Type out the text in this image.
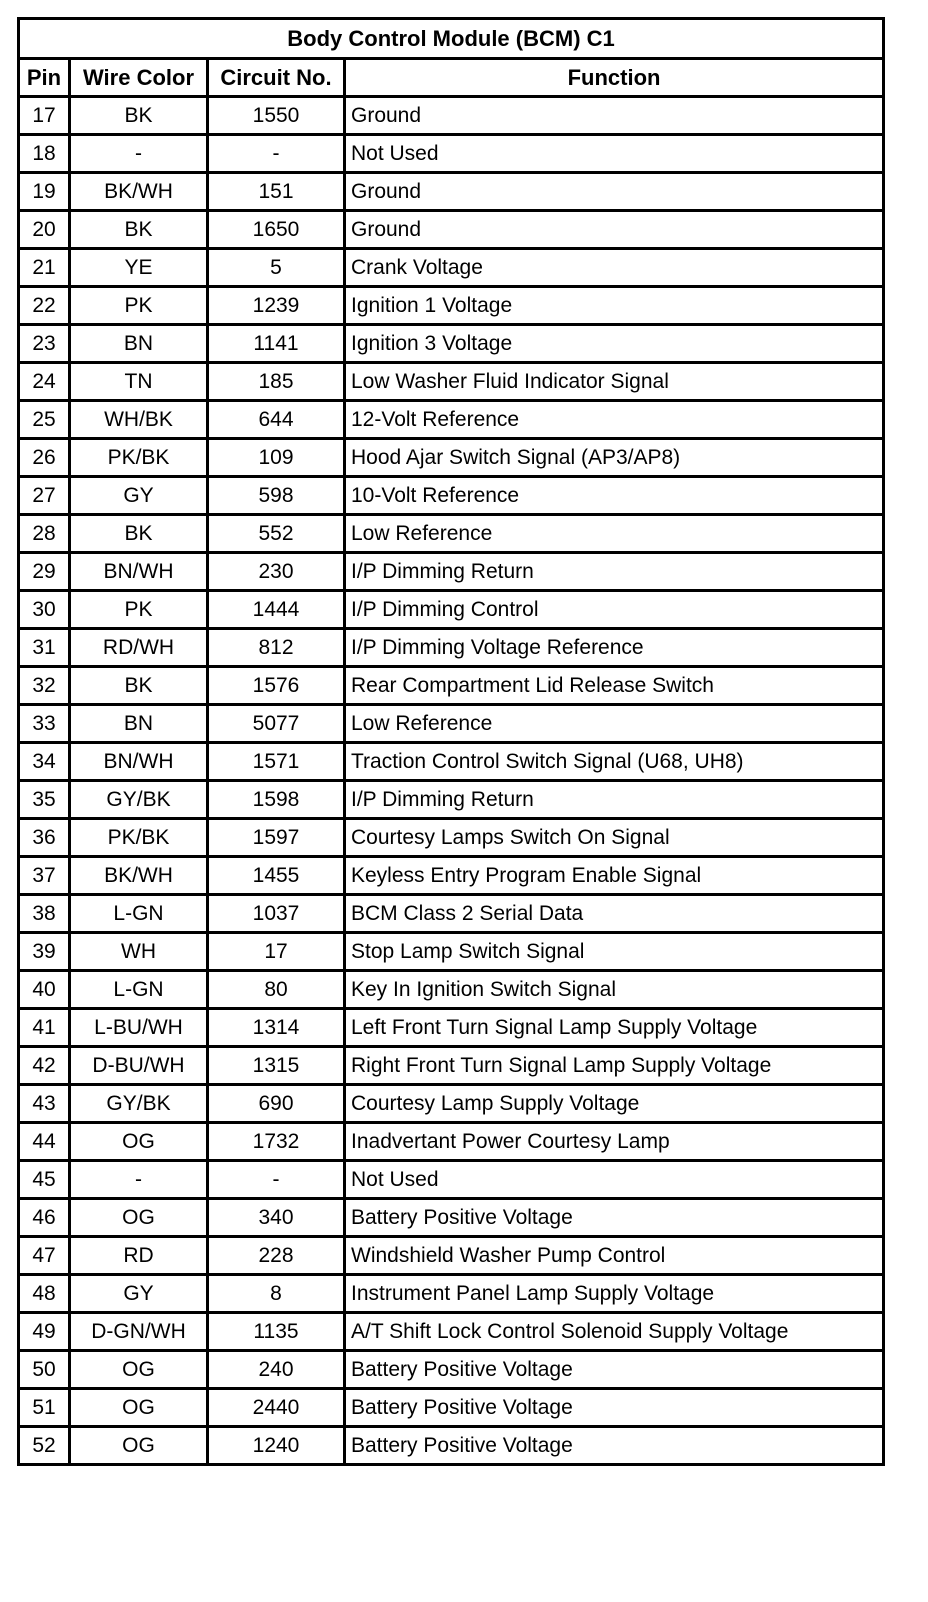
Body Control Module (BCM) C1			
Pin	Wire Color	Circuit No.	Function
17	BK	1550	Ground
18	-	-	Not Used
19	BK/WH	151	Ground
20	BK	1650	Ground
21	YE	5	Crank Voltage
22	PK	1239	Ignition 1 Voltage
23	BN	1141	Ignition 3 Voltage
24	TN	185	Low Washer Fluid Indicator Signal
25	WH/BK	644	12-Volt Reference
26	PK/BK	109	Hood Ajar Switch Signal (AP3/AP8)
27	GY	598	10-Volt Reference
28	BK	552	Low Reference
29	BN/WH	230	I/P Dimming Return
30	PK	1444	I/P Dimming Control
31	RD/WH	812	I/P Dimming Voltage Reference
32	BK	1576	Rear Compartment Lid Release Switch
33	BN	5077	Low Reference
34	BN/WH	1571	Traction Control Switch Signal (U68, UH8)
35	GY/BK	1598	I/P Dimming Return
36	PK/BK	1597	Courtesy Lamps Switch On Signal
37	BK/WH	1455	Keyless Entry Program Enable Signal
38	L-GN	1037	BCM Class 2 Serial Data
39	WH	17	Stop Lamp Switch Signal
40	L-GN	80	Key In Ignition Switch Signal
41	L-BU/WH	1314	Left Front Turn Signal Lamp Supply Voltage
42	D-BU/WH	1315	Right Front Turn Signal Lamp Supply Voltage
43	GY/BK	690	Courtesy Lamp Supply Voltage
44	OG	1732	Inadvertant Power Courtesy Lamp
45	-	-	Not Used
46	OG	340	Battery Positive Voltage
47	RD	228	Windshield Washer Pump Control
48	GY	8	Instrument Panel Lamp Supply Voltage
49	D-GN/WH	1135	A/T Shift Lock Control Solenoid Supply Voltage
50	OG	240	Battery Positive Voltage
51	OG	2440	Battery Positive Voltage
52	OG	1240	Battery Positive Voltage
